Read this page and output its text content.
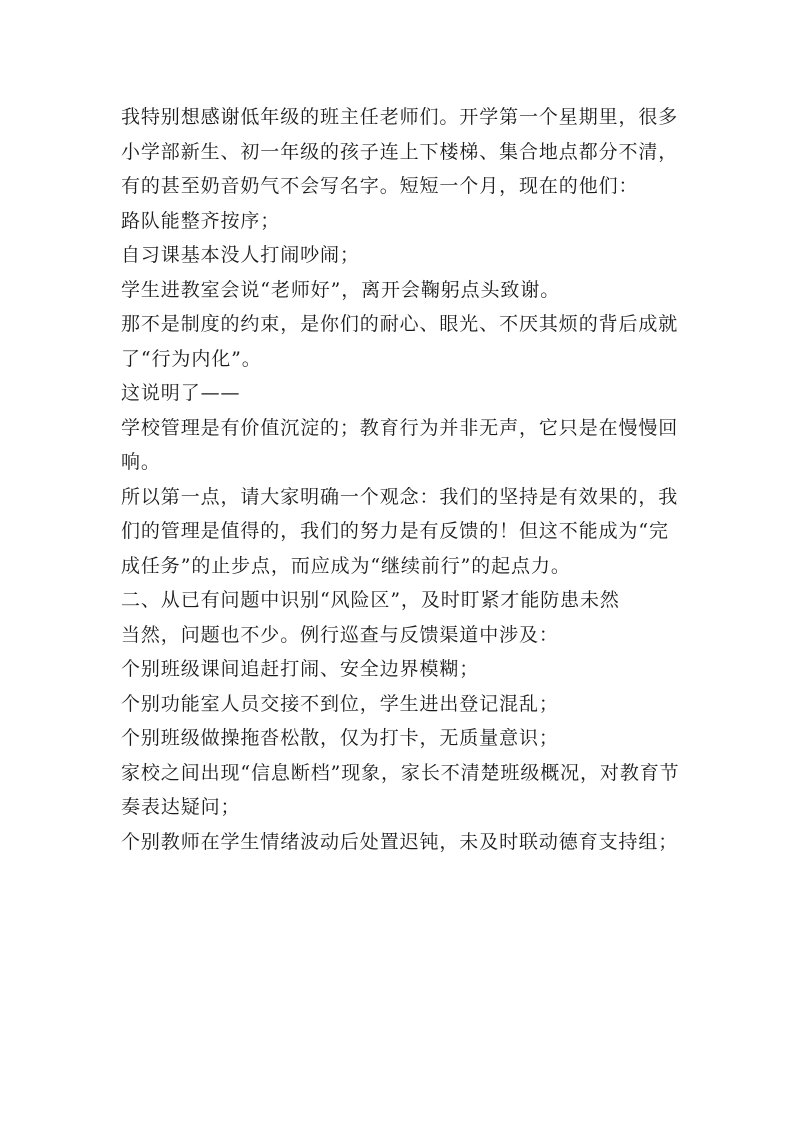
我特别想感谢低年级的班主任老师们。开学第一个星期里，很多
小学部新生、初一年级的孩子连上下楼梯、集合地点都分不清，
有的甚至奶音奶气不会写名字。短短一个月，现在的他们：
路队能整齐按序；
自习课基本没人打闹吵闹；
学生进教室会说“老师好”，离开会鞠躬点头致谢。
那不是制度的约束，是你们的耐心、眼光、不厌其烦的背后成就
了“行为内化”。
这说明了——
学校管理是有价值沉淀的；教育行为并非无声，它只是在慢慢回
响。
所以第一点，请大家明确一个观念：我们的坚持是有效果的，我
们的管理是值得的，我们的努力是有反馈的！但这不能成为“完
成任务”的止步点，而应成为“继续前行”的起点力。
二、从已有问题中识别“风险区”，及时盯紧才能防患未然
当然，问题也不少。例行巡查与反馈渠道中涉及：
个别班级课间追赶打闹、安全边界模糊；
个别功能室人员交接不到位，学生进出登记混乱；
个别班级做操拖沓松散，仅为打卡，无质量意识；
家校之间出现“信息断档”现象，家长不清楚班级概况，对教育节
奏表达疑问；
个别教师在学生情绪波动后处置迟钝，未及时联动德育支持组；
